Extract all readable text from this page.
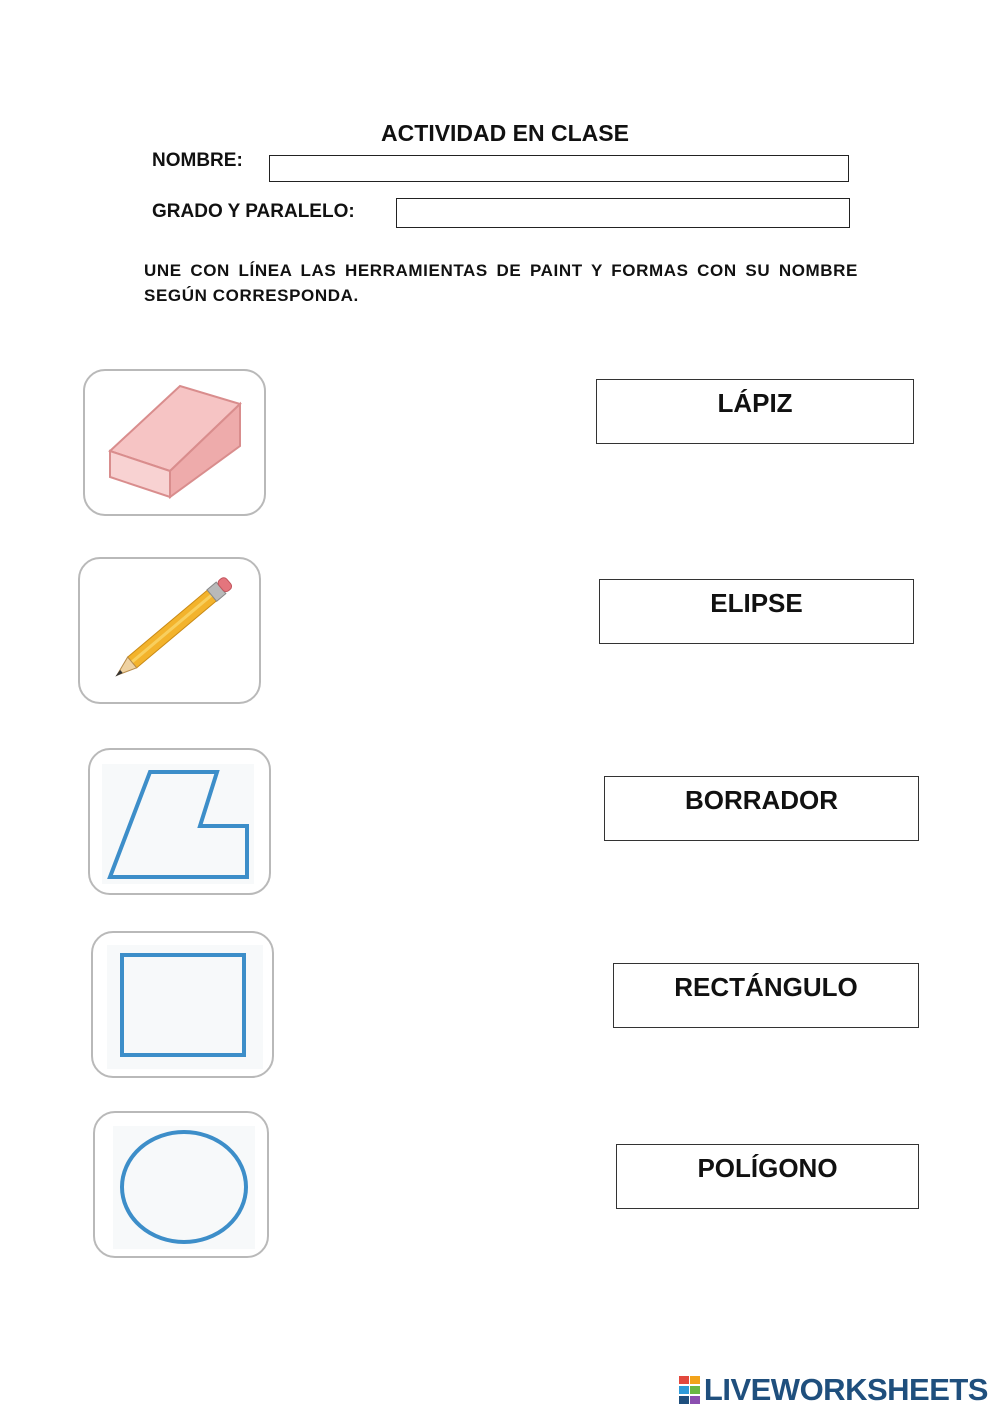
ACTIVIDAD EN CLASE
NOMBRE:
GRADO Y PARALELO:
UNE CON LÍNEA LAS HERRAMIENTAS DE PAINT Y FORMAS CON SU NOMBRE SEGÚN CORRESPONDA.
LÁPIZ
ELIPSE
BORRADOR
RECTÁNGULO
POLÍGONO
LIVEWORKSHEETS
